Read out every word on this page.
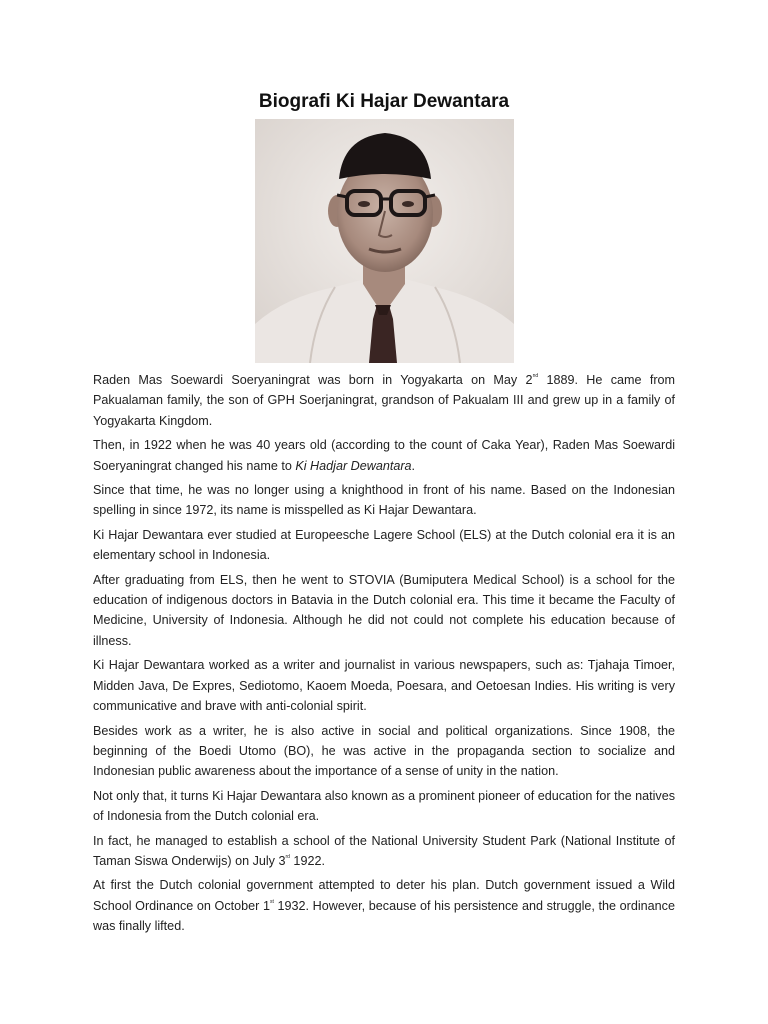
Biografi Ki Hajar Dewantara

Raden Mas Soewardi Soeryaningrat was born in Yogyakarta on May 2nd 1889. He came from Pakualaman family, the son of GPH Soerjaningrat, grandson of Pakualam III and grew up in a family of Yogyakarta Kingdom.

Then, in 1922 when he was 40 years old (according to the count of Caka Year), Raden Mas Soewardi Soeryaningrat changed his name to Ki Hadjar Dewantara.

Since that time, he was no longer using a knighthood in front of his name. Based on the Indonesian spelling in since 1972, its name is misspelled as Ki Hajar Dewantara.

Ki Hajar Dewantara ever studied at Europeesche Lagere School (ELS) at the Dutch colonial era it is an elementary school in Indonesia.

After graduating from ELS, then he went to STOVIA (Bumiputera Medical School) is a school for the education of indigenous doctors in Batavia in the Dutch colonial era. This time it became the Faculty of Medicine, University of Indonesia. Although he did not could not complete his education because of illness.

Ki Hajar Dewantara worked as a writer and journalist in various newspapers, such as: Tjahaja Timoer, Midden Java, De Expres, Sediotomo, Kaoem Moeda, Poesara, and Oetoesan Indies. His writing is very communicative and brave with anti-colonial spirit.

Besides work as a writer, he is also active in social and political organizations. Since 1908, the beginning of the Boedi Utomo (BO), he was active in the propaganda section to socialize and Indonesian public awareness about the importance of a sense of unity in the nation.

Not only that, it turns Ki Hajar Dewantara also known as a prominent pioneer of education for the natives of Indonesia from the Dutch colonial era.

In fact, he managed to establish a school of the National University Student Park (National Institute of Taman Siswa Onderwijs) on July 3rd 1922.

At first the Dutch colonial government attempted to deter his plan. Dutch government issued a Wild School Ordinance on October 1st 1932. However, because of his persistence and struggle, the ordinance was finally lifted.
